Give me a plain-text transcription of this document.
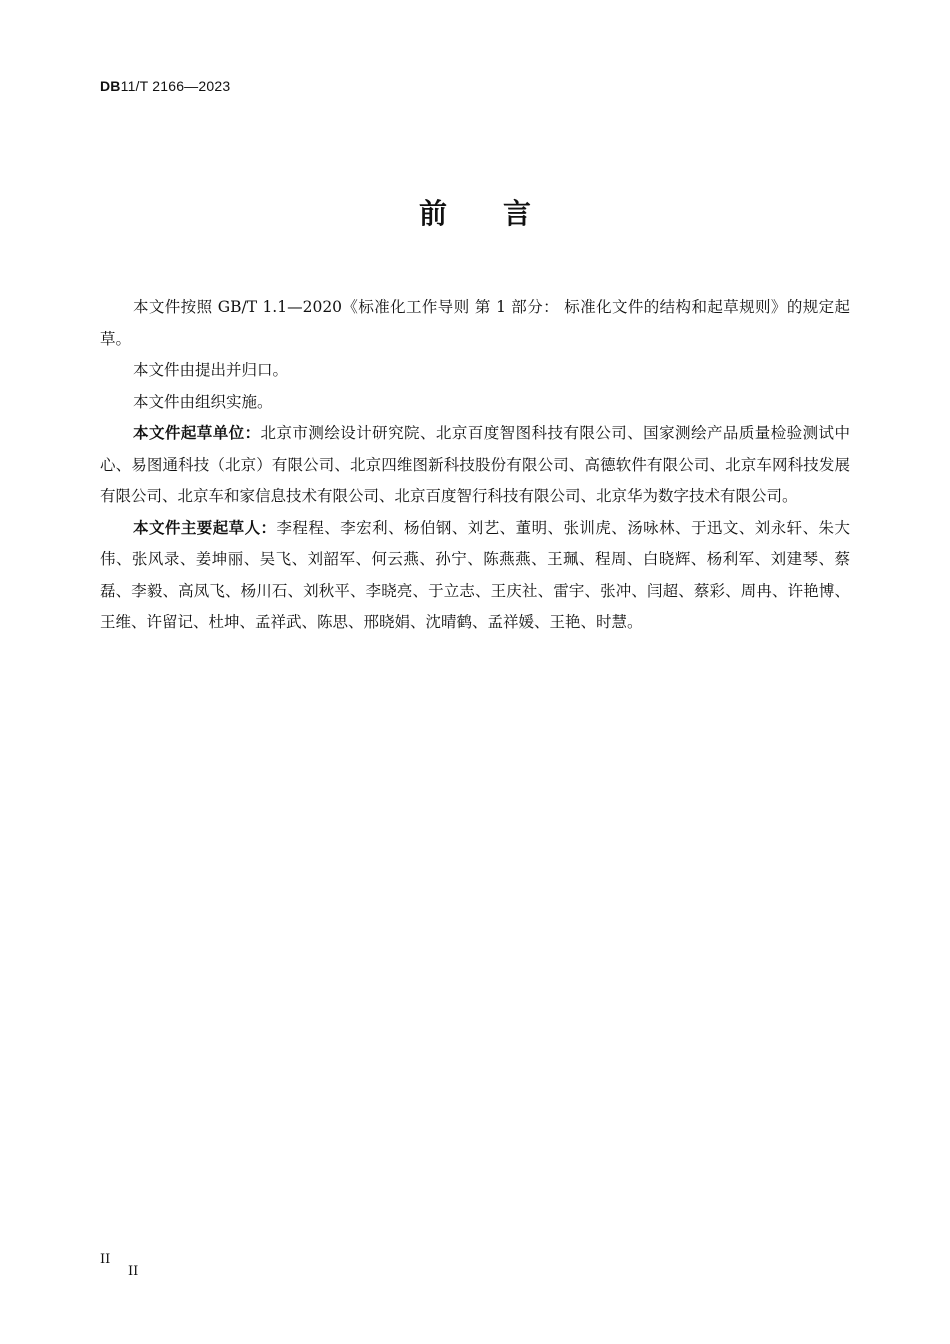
DB11/T 2166—2023
前言

本文件按照 GB/T 1.1—2020《标准化工作导则 第 1 部分： 标准化文件的结构和起草规则》的规定起草。

本文件由提出并归口。

本文件由组织实施。

本文件起草单位：北京市测绘设计研究院、北京百度智图科技有限公司、国家测绘产品质量检验测试中心、易图通科技（北京）有限公司、北京四维图新科技股份有限公司、高德软件有限公司、北京车网科技发展有限公司、北京车和家信息技术有限公司、北京百度智行科技有限公司、北京华为数字技术有限公司。

本文件主要起草人：李程程、李宏利、杨伯钢、刘艺、董明、张训虎、汤咏林、于迅文、刘永轩、朱大伟、张风录、姜坤丽、吴飞、刘韶军、何云燕、孙宁、陈燕燕、王珮、程周、白晓辉、杨利军、刘建琴、蔡磊、李毅、高凤飞、杨川石、刘秋平、李晓亮、于立志、王庆社、雷宇、张冲、闫超、蔡彩、周冉、许艳博、王维、许留记、杜坤、孟祥武、陈思、邢晓娟、沈晴鹤、孟祥媛、王艳、时慧。

II
II
